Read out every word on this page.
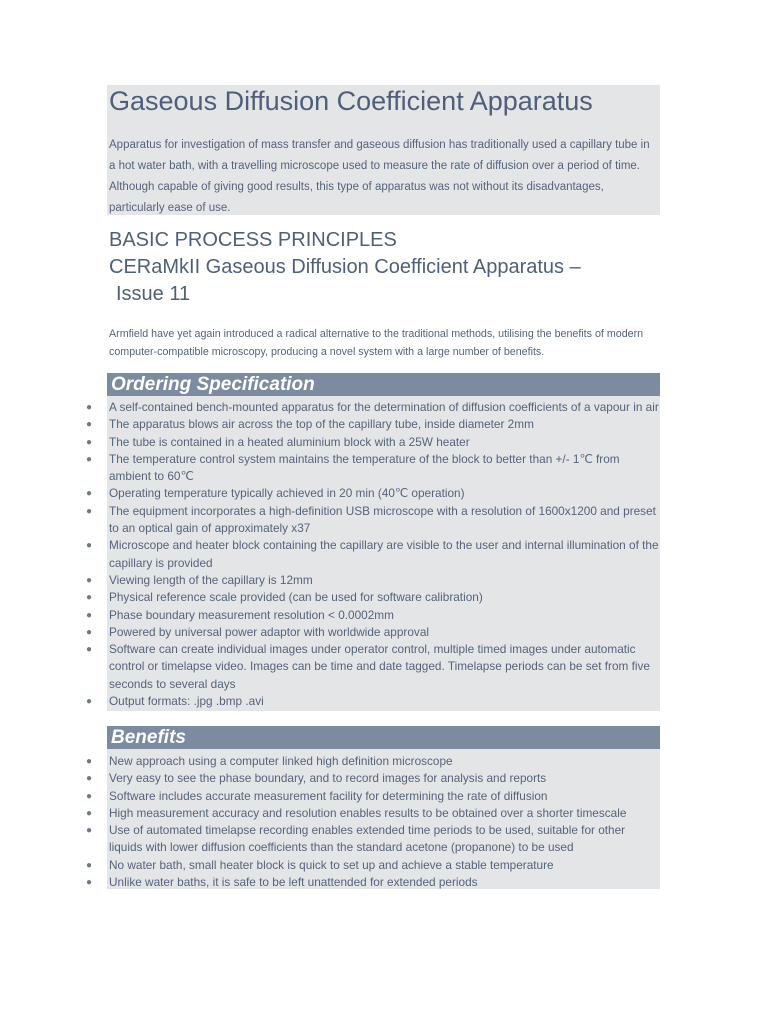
Gaseous Diffusion Coefficient Apparatus
Apparatus for investigation of mass transfer and gaseous diffusion has traditionally used a capillary tube in a hot water bath, with a travelling microscope used to measure the rate of diffusion over a period of time. Although capable of giving good results, this type of apparatus was not without its disadvantages, particularly ease of use.
BASIC PROCESS PRINCIPLES
CERaMkII Gaseous Diffusion Coefficient Apparatus –
Issue 11
Armfield have yet again introduced a radical alternative to the traditional methods, utilising the benefits of modern computer-compatible microscopy, producing a novel system with a large number of benefits.
Ordering Specification
● A self-contained bench-mounted apparatus for the determination of diffusion coefficients of a vapour in air
● The apparatus blows air across the top of the capillary tube, inside diameter 2mm
● The tube is contained in a heated aluminium block with a 25W heater
● The temperature control system maintains the temperature of the block to better than +/- 1℃ from ambient to 60℃
● Operating temperature typically achieved in 20 min (40℃ operation)
● The equipment incorporates a high-definition USB microscope with a resolution of 1600x1200 and preset to an optical gain of approximately x37
● Microscope and heater block containing the capillary are visible to the user and internal illumination of the capillary is provided
● Viewing length of the capillary is 12mm
● Physical reference scale provided (can be used for software calibration)
● Phase boundary measurement resolution < 0.0002mm
● Powered by universal power adaptor with worldwide approval
● Software can create individual images under operator control, multiple timed images under automatic control or timelapse video. Images can be time and date tagged. Timelapse periods can be set from five seconds to several days
● Output formats: .jpg .bmp .avi
Benefits
● New approach using a computer linked high definition microscope
● Very easy to see the phase boundary, and to record images for analysis and reports
● Software includes accurate measurement facility for determining the rate of diffusion
● High measurement accuracy and resolution enables results to be obtained over a shorter timescale
● Use of automated timelapse recording enables extended time periods to be used, suitable for other liquids with lower diffusion coefficients than the standard acetone (propanone) to be used
● No water bath, small heater block is quick to set up and achieve a stable temperature
● Unlike water baths, it is safe to be left unattended for extended periods
